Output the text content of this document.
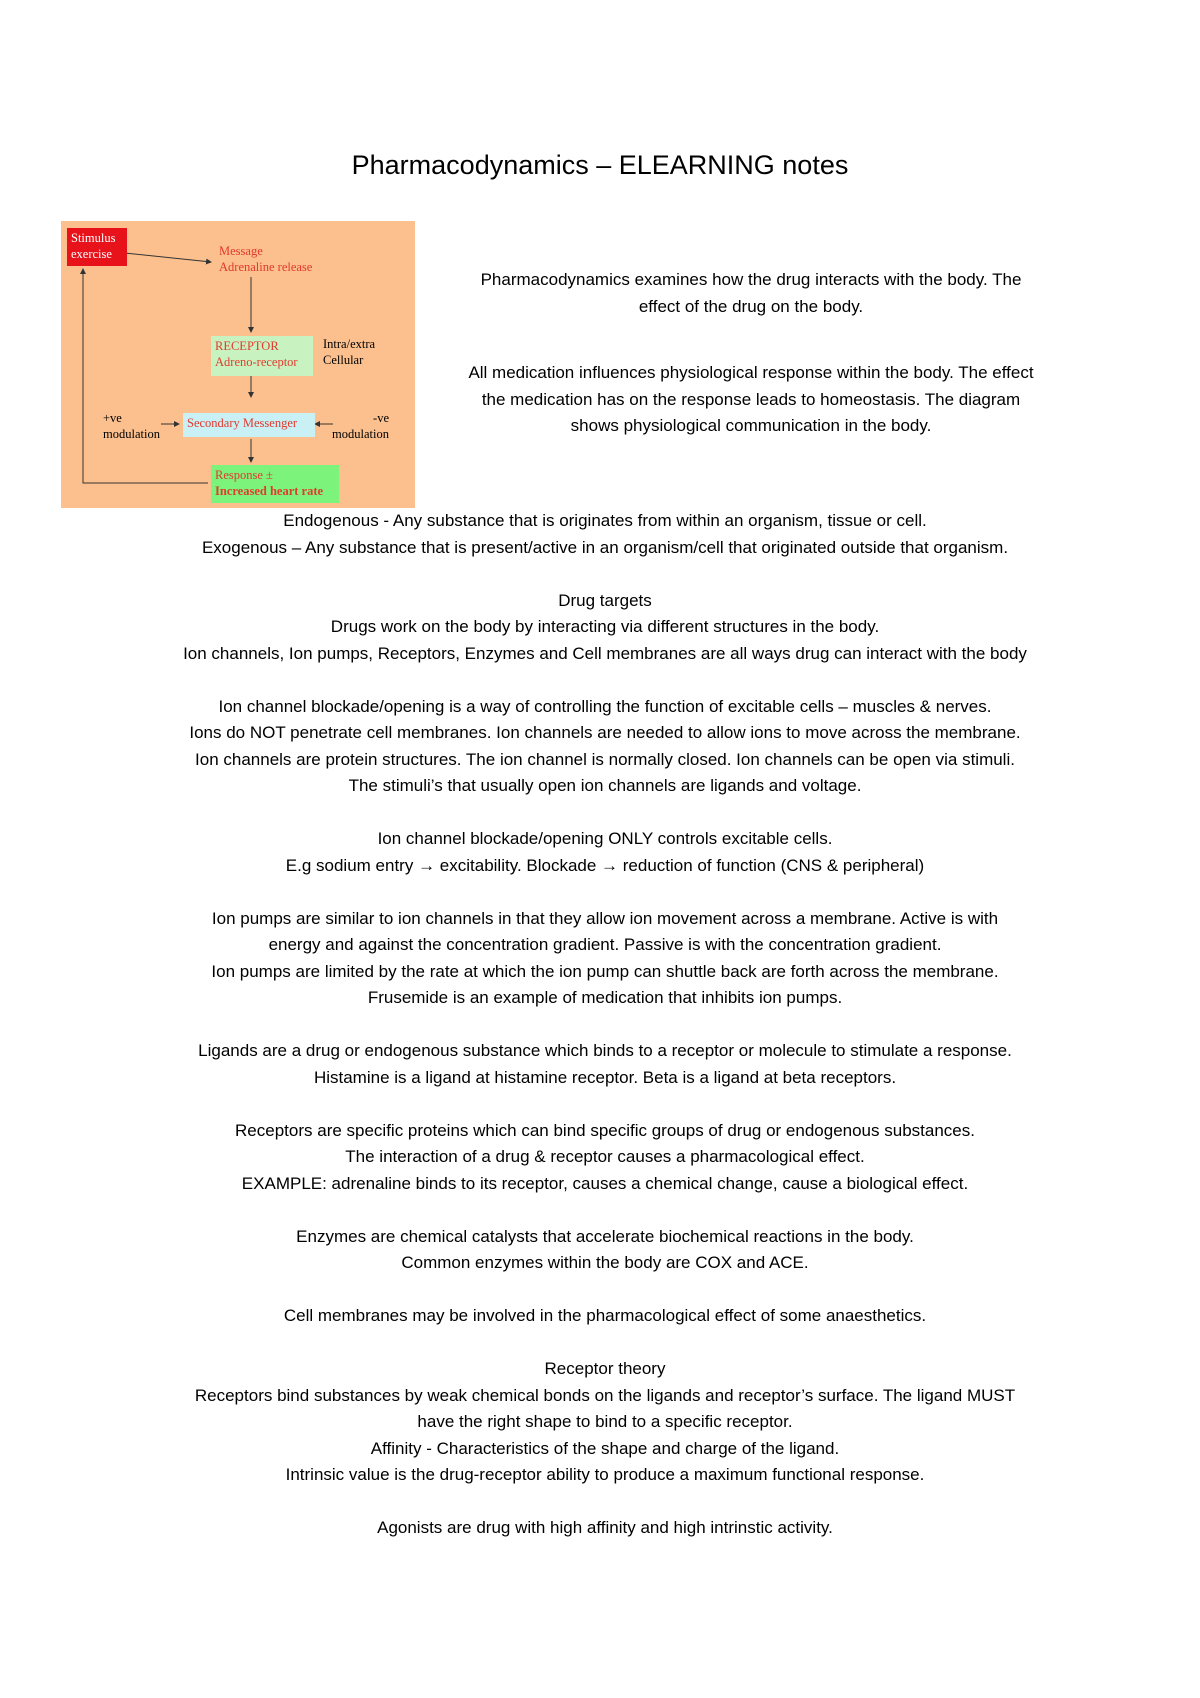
Pharmacodynamics – ELEARNING notes
Stimulus
exercise	Message
Adrenaline release
RECEPTOR
Adreno-receptor
Intra/extra
Cellular
+ve
modulation
Secondary Messenger	-ve
modulation
Response ±
Increased heart rate
Pharmacodynamics examines how the drug interacts with the body. The
effect of the drug on the body.
All medication influences physiological response within the body. The effect
the medication has on the response leads to homeostasis. The diagram
shows physiological communication in the body.

Endogenous - Any substance that is originates from within an organism, tissue or cell.
Exogenous – Any substance that is present/active in an organism/cell that originated outside that organism.

Drug targets
Drugs work on the body by interacting via different structures in the body.
Ion channels, Ion pumps, Receptors, Enzymes and Cell membranes are all ways drug can interact with the body

Ion channel blockade/opening is a way of controlling the function of excitable cells – muscles & nerves.
Ions do NOT penetrate cell membranes. Ion channels are needed to allow ions to move across the membrane.
Ion channels are protein structures. The ion channel is normally closed. Ion channels can be open via stimuli.
The stimuli’s that usually open ion channels are ligands and voltage.

Ion channel blockade/opening ONLY controls excitable cells.
E.g sodium entry → excitability. Blockade → reduction of function (CNS & peripheral)

Ion pumps are similar to ion channels in that they allow ion movement across a membrane. Active is with
energy and against the concentration gradient. Passive is with the concentration gradient.
Ion pumps are limited by the rate at which the ion pump can shuttle back are forth across the membrane.
Frusemide is an example of medication that inhibits ion pumps.

Ligands are a drug or endogenous substance which binds to a receptor or molecule to stimulate a response.
Histamine is a ligand at histamine receptor. Beta is a ligand at beta receptors.

Receptors are specific proteins which can bind specific groups of drug or endogenous substances.
The interaction of a drug & receptor causes a pharmacological effect.
EXAMPLE: adrenaline binds to its receptor, causes a chemical change, cause a biological effect.

Enzymes are chemical catalysts that accelerate biochemical reactions in the body.
Common enzymes within the body are COX and ACE.

Cell membranes may be involved in the pharmacological effect of some anaesthetics.

Receptor theory
Receptors bind substances by weak chemical bonds on the ligands and receptor’s surface. The ligand MUST
have the right shape to bind to a specific receptor.
Affinity - Characteristics of the shape and charge of the ligand.
Intrinsic value is the drug-receptor ability to produce a maximum functional response.

Agonists are drug with high affinity and high intrinstic activity.
